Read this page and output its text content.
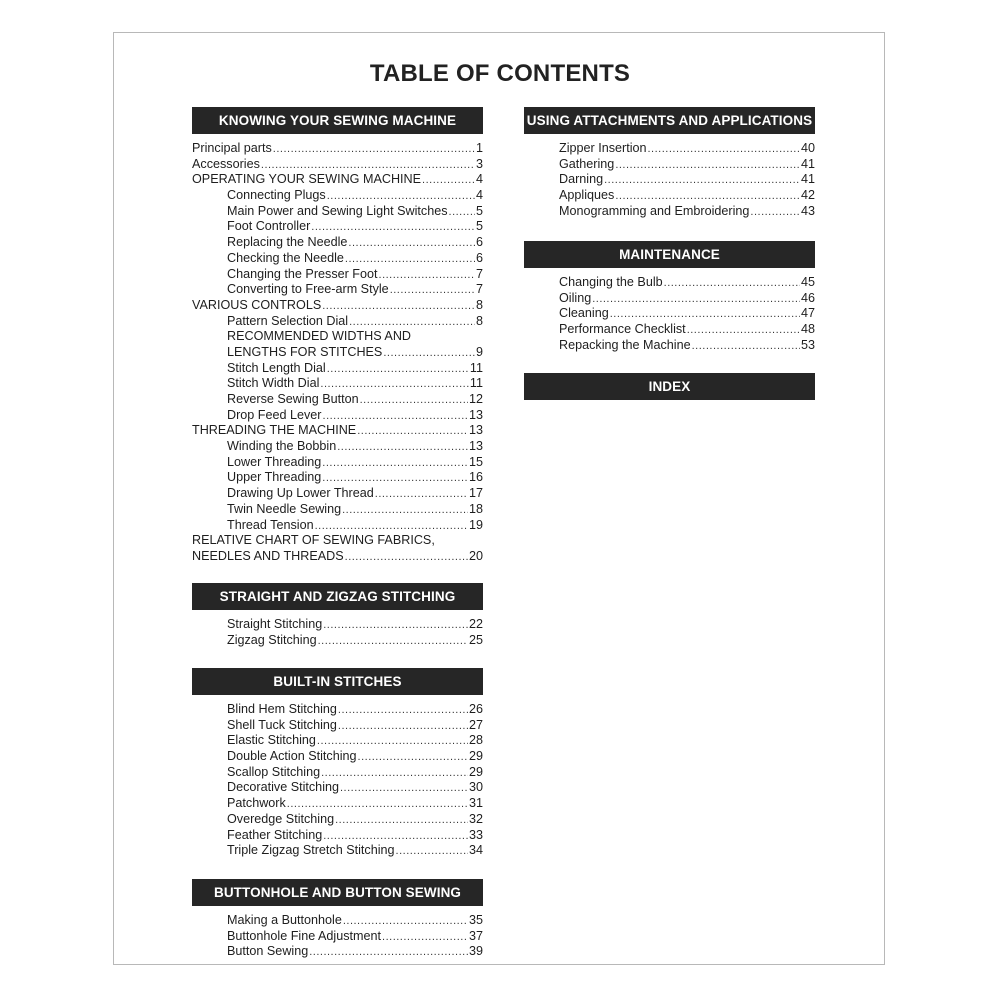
TABLE OF CONTENTS
KNOWING YOUR SEWING MACHINE
Principal parts .....	1
Accessories .....	3
OPERATING YOUR SEWING MACHINE .....	4
Connecting Plugs .....	4
Main Power and Sewing Light Switches ..... 5
Foot Controller .....	5
Replacing the Needle .....	6
Checking the Needle .....	6
Changing the Presser Foot .....	7
Converting to Free-arm Style .....	7
VARIOUS CONTROLS .....	8
Pattern Selection Dial .....	8
RECOMMENDED WIDTHS AND
LENGTHS FOR STITCHES .....	9
Stitch Length Dial .....	11
Stitch Width Dial .....	11
Reverse Sewing Button .....	12
Drop Feed Lever .....	13
THREADING THE MACHINE .....	13
Winding the Bobbin .....	13
Lower Threading .....	15
Upper Threading .....	16
Drawing Up Lower Thread .....	17
Twin Needle Sewing .....	18
Thread Tension .....	19
RELATIVE CHART OF SEWING FABRICS,
NEEDLES AND THREADS .....	20
STRAIGHT AND ZIGZAG STITCHING
Straight Stitching .....	22
Zigzag Stitching .....	25
BUILT-IN STITCHES
Blind Hem Stitching .....	26
Shell Tuck Stitching .....	27
Elastic Stitching .....	28
Double Action Stitching .....	29
Scallop Stitching .....	29
Decorative Stitching .....	30
Patchwork .....	31
Overedge Stitching .....	32
Feather Stitching .....	33
Triple Zigzag Stretch Stitching .....	34
BUTTONHOLE AND BUTTON SEWING
Making a Buttonhole .....	35
Buttonhole Fine Adjustment .....	37
Button Sewing .....	39
USING ATTACHMENTS AND APPLICATIONS
Zipper Insertion .....	40
Gathering .....	41
Darning .....	41
Appliques .....	42
Monogramming and Embroidering .....	43
MAINTENANCE
Changing the Bulb .....	45
Oiling .....	46
Cleaning .....	47
Performance Checklist .....	48
Repacking the Machine .....	53
INDEX
